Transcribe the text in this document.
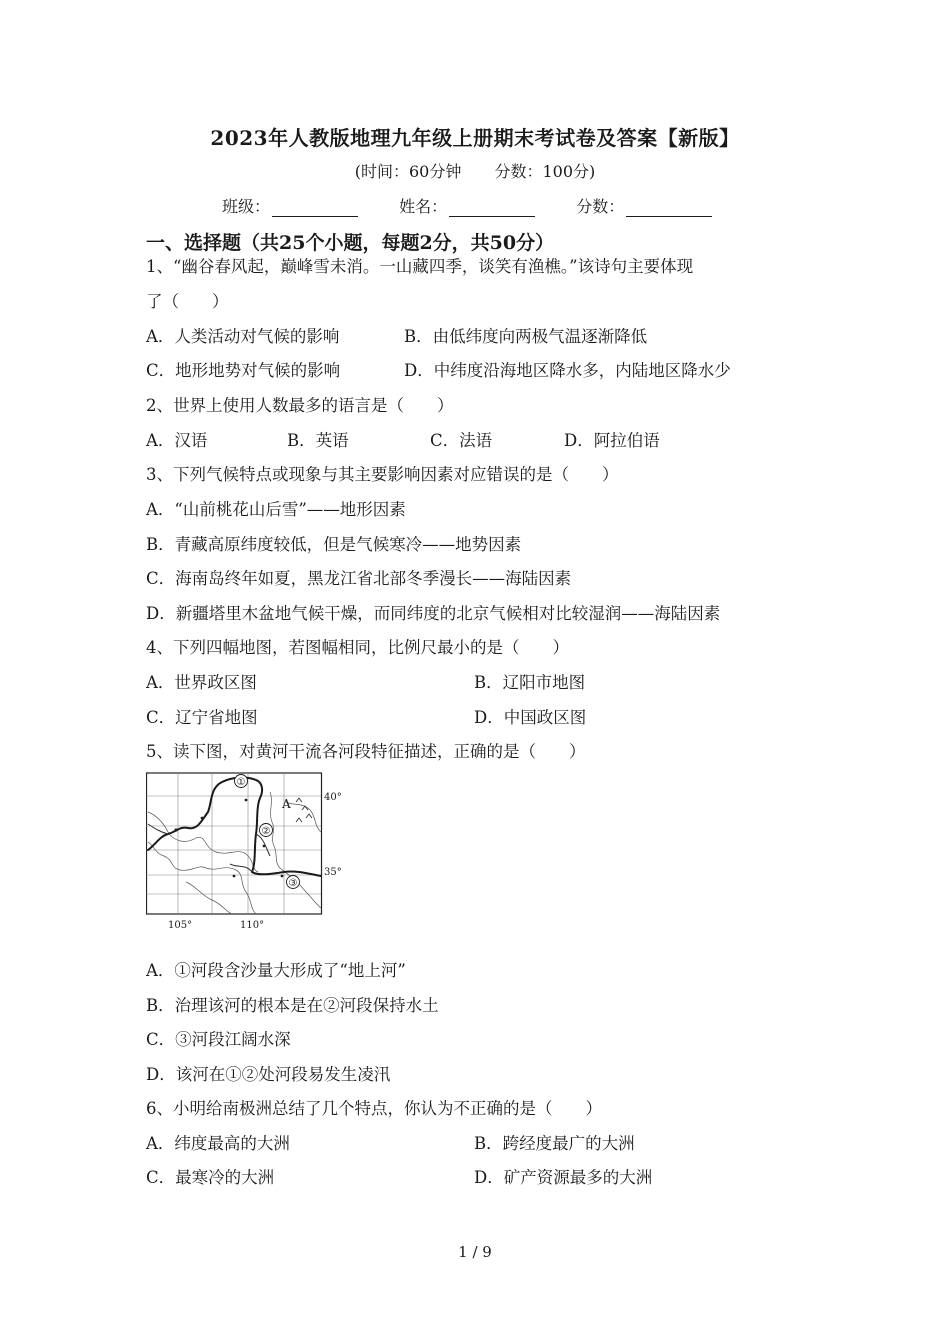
2023年人教版地理九年级上册期末考试卷及答案【新版】
(时间：60分钟 分数：100分)
班级：	姓名：	分数：
一、选择题（共25个小题，每题2分，共50分）
1、“幽谷春风起，巅峰雪未消。一山藏四季，谈笑有渔樵。”该诗句主要体现
了（　　）
A．人类活动对气候的影响	B．由低纬度向两极气温逐渐降低
C．地形地势对气候的影响	D．中纬度沿海地区降水多，内陆地区降水少
2、世界上使用人数最多的语言是（　　）
A．汉语	B．英语	C．法语	D．阿拉伯语
3、下列气候特点或现象与其主要影响因素对应错误的是（　　）
A．“山前桃花山后雪”——地形因素
B．青藏高原纬度较低，但是气候寒冷——地势因素
C．海南岛终年如夏，黑龙江省北部冬季漫长——海陆因素
D．新疆塔里木盆地气候干燥，而同纬度的北京气候相对比较湿润——海陆因素
4、下列四幅地图，若图幅相同，比例尺最小的是（　　）
A．世界政区图	B．辽阳市地图
C．辽宁省地图	D．中国政区图
5、读下图，对黄河干流各河段特征描述，正确的是（　　）
①
②
③
A	40°
35°
105°	110°
A．①河段含沙量大形成了“地上河”
B．治理该河的根本是在②河段保持水土
C．③河段江阔水深
D．该河在①②处河段易发生凌汛
6、小明给南极洲总结了几个特点，你认为不正确的是（　　）
A．纬度最高的大洲	B．跨经度最广的大洲
C．最寒冷的大洲	D．矿产资源最多的大洲
1 / 9
